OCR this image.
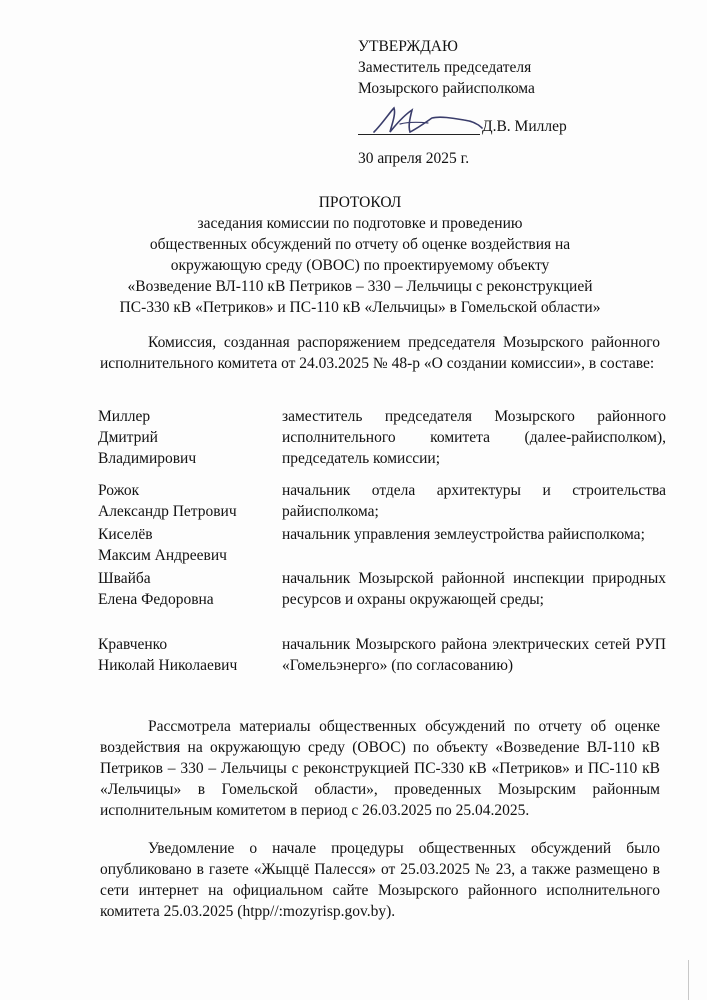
УТВЕРЖДАЮ
Заместитель председателя
Мозырского райисполкома
Д.В. Миллер
30 апреля 2025 г.
ПРОТОКОЛ
заседания комиссии по подготовке и проведению
общественных обсуждений по отчету об оценке воздействия на
окружающую среду (ОВОС) по проектируемому объекту
«Возведение ВЛ-110 кВ Петриков – 330 – Лельчицы с реконструкцией
ПС-330 кВ «Петриков» и ПС-110 кВ «Лельчицы» в Гомельской области»
Комиссия, созданная распоряжением председателя Мозырского районного исполнительного комитета от 24.03.2025 № 48-р «О создании комиссии», в составе:
Миллер
Дмитрий
Владимирович
заместитель председателя Мозырского районного исполнительного комитета (далее-райисполком), председатель комиссии;
Рожок
Александр Петрович
начальник отдела архитектуры и строительства райисполкома;
Киселёв
Максим Андреевич
начальник управления землеустройства райисполкома;
Швайба
Елена Федоровна
начальник Мозырской районной инспекции природных ресурсов и охраны окружающей среды;
Кравченко
Николай Николаевич
начальник Мозырского района электрических сетей РУП «Гомельэнерго» (по согласованию)
Рассмотрела материалы общественных обсуждений по отчету об оценке воздействия на окружающую среду (ОВОС) по объекту «Возведение ВЛ-110 кВ Петриков – 330 – Лельчицы с реконструкцией ПС-330 кВ «Петриков» и ПС-110 кВ «Лельчицы» в Гомельской области», проведенных Мозырским районным исполнительным комитетом в период с 26.03.2025 по 25.04.2025.
Уведомление о начале процедуры общественных обсуждений было опубликовано в газете «Жыццё Палесся» от 25.03.2025 № 23, а также размещено в сети интернет на официальном сайте Мозырского районного исполнительного комитета 25.03.2025 (htpp//:mozyrisp.gov.by).
